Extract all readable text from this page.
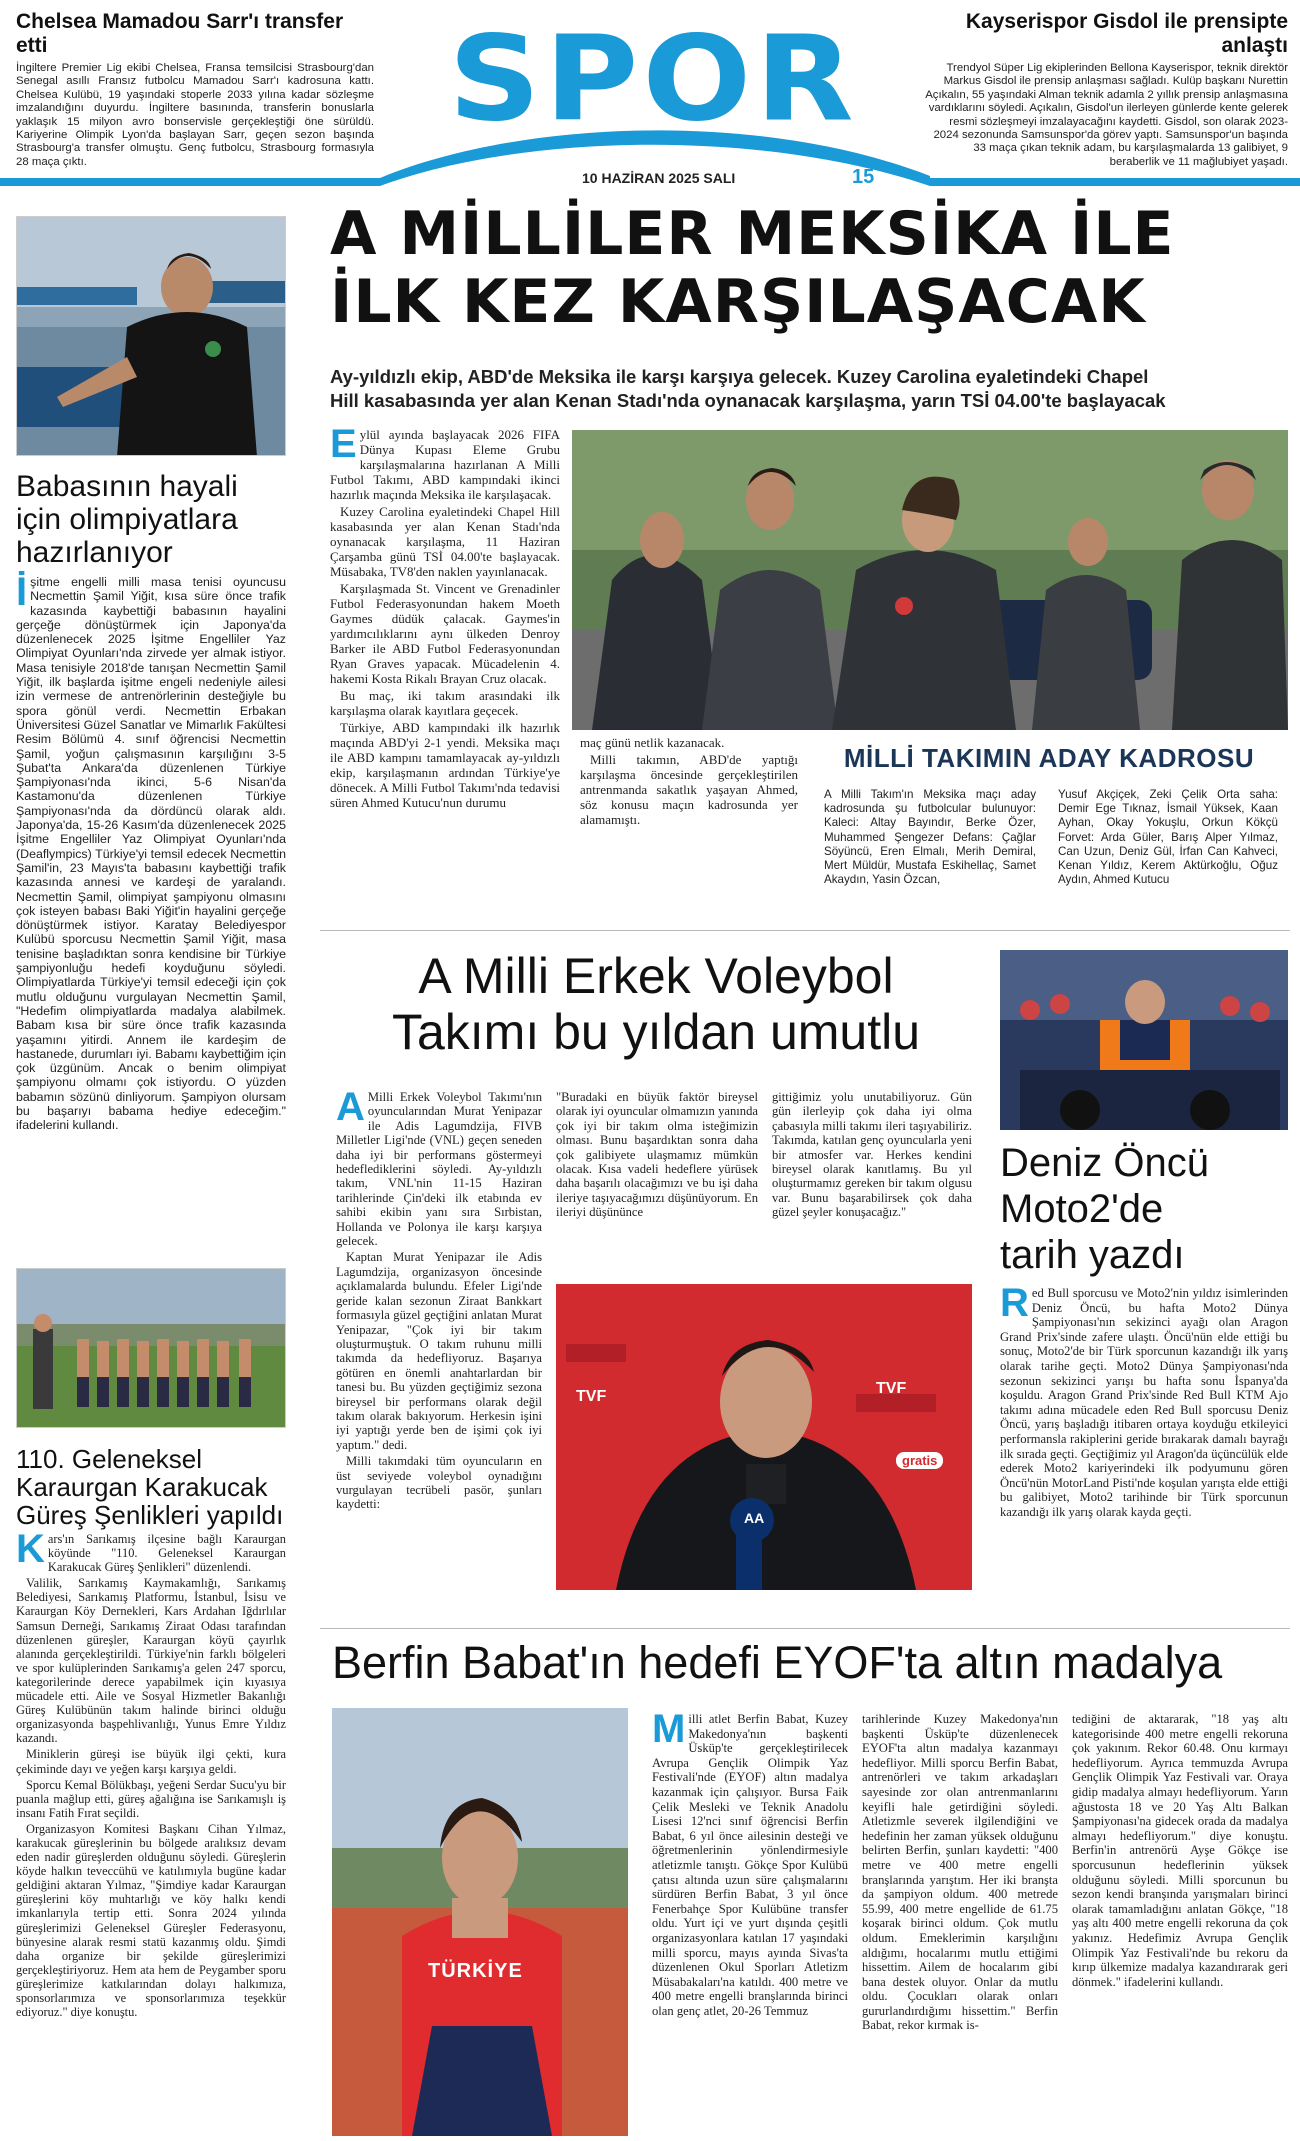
SPOR
10 HAZİRAN 2025 SALI	15
Chelsea Mamadou Sarr'ı transfer etti
İngiltere Premier Lig ekibi Chelsea, Fransa temsilcisi Strasbourg'dan Senegal asıllı Fransız futbolcu Mamadou Sarr'ı kadrosuna kattı. Chelsea Kulübü, 19 yaşındaki stoperle 2033 yılına kadar sözleşme imzalandığını duyurdu. İngiltere basınında, transferin bonuslarla yaklaşık 15 milyon avro bonservisle gerçekleştiği öne sürüldü. Kariyerine Olimpik Lyon'da başlayan Sarr, geçen sezon başında Strasbourg'a transfer olmuştu. Genç futbolcu, Strasbourg formasıyla 28 maça çıktı.
Kayserispor Gisdol ile prensipte anlaştı
Trendyol Süper Lig ekiplerinden Bellona Kayserispor, teknik direktör Markus Gisdol ile prensip anlaşması sağladı. Kulüp başkanı Nurettin Açıkalın, 55 yaşındaki Alman teknik adamla 2 yıllık prensip anlaşmasına vardıklarını söyledi. Açıkalın, Gisdol'un ilerleyen günlerde kente gelerek resmi sözleşmeyi imzalayacağını kaydetti. Gisdol, son olarak 2023-2024 sezonunda Samsunspor'da görev yaptı. Samsunspor'un başında 33 maça çıkan teknik adam, bu karşılaşmalarda 13 galibiyet, 9 beraberlik ve 11 mağlubiyet yaşadı.
Babasının hayali için olimpiyatlara hazırlanıyor
İşitme engelli milli masa tenisi oyuncusu Necmettin Şamil Yiğit, kısa süre önce trafik kazasında kaybettiği babasının hayalini gerçeğe dönüştürmek için Japonya'da düzenlenecek 2025 İşitme Engelliler Yaz Olimpiyat Oyunları'nda zirvede yer almak istiyor. Masa tenisiyle 2018'de tanışan Necmettin Şamil Yiğit, ilk başlarda işitme engeli nedeniyle ailesi izin vermese de antrenörlerinin desteğiyle bu spora gönül verdi. Necmettin Erbakan Üniversitesi Güzel Sanatlar ve Mimarlık Fakültesi Resim Bölümü 4. sınıf öğrencisi Necmettin Şamil, yoğun çalışmasının karşılığını 3-5 Şubat'ta Ankara'da düzenlenen Türkiye Şampiyonası'nda ikinci, 5-6 Nisan'da Kastamonu'da düzenlenen Türkiye Şampiyonası'nda da dördüncü olarak aldı. Japonya'da, 15-26 Kasım'da düzenlenecek 2025 İşitme Engelliler Yaz Olimpiyat Oyunları'nda (Deaflympics) Türkiye'yi temsil edecek Necmettin Şamil'in, 23 Mayıs'ta babasını kaybettiği trafik kazasında annesi ve kardeşi de yaralandı. Necmettin Şamil, olimpiyat şampiyonu olmasını çok isteyen babası Baki Yiğit'in hayalini gerçeğe dönüştürmek istiyor. Karatay Belediyespor Kulübü sporcusu Necmettin Şamil Yiğit, masa tenisine başladıktan sonra kendisine bir Türkiye şampiyonluğu hedefi koyduğunu söyledi. Olimpiyatlarda Türkiye'yi temsil edeceği için çok mutlu olduğunu vurgulayan Necmettin Şamil, "Hedefim olimpiyatlarda madalya alabilmek. Babam kısa bir süre önce trafik kazasında yaşamını yitirdi. Annem ile kardeşim de hastanede, durumları iyi. Babamı kaybettiğim için çok üzgünüm. Ancak o benim olimpiyat şampiyonu olmamı çok istiyordu. O yüzden babamın sözünü dinliyorum. Şampiyon olursam bu başarıyı babama hediye edeceğim." ifadelerini kullandı.
110. Geleneksel Karaurgan Karakucak Güreş Şenlikleri yapıldı

Kars'ın Sarıkamış ilçesine bağlı Karaurgan köyünde "110. Geleneksel Karaurgan Karakucak Güreş Şenlikleri" düzenlendi.

Valilik, Sarıkamış Kaymakamlığı, Sarıkamış Belediyesi, Sarıkamış Platformu, İstanbul, İsisu ve Karaurgan Köy Dernekleri, Kars Ardahan Iğdırlılar Samsun Derneği, Sarıkamış Ziraat Odası tarafından düzenlenen güreşler, Karaurgan köyü çayırlık alanında gerçekleştirildi. Türkiye'nin farklı bölgeleri ve spor kulüplerinden Sarıkamış'a gelen 247 sporcu, kategorilerinde derece yapabilmek için kıyasıya mücadele etti. Aile ve Sosyal Hizmetler Bakanlığı Güreş Kulübünün takım halinde birinci olduğu organizasyonda başpehlivanlığı, Yunus Emre Yıldız kazandı.

Miniklerin güreşi ise büyük ilgi çekti, kura çekiminde dayı ve yeğen karşı karşıya geldi.

Sporcu Kemal Bölükbaşı, yeğeni Serdar Sucu'yu bir puanla mağlup etti, güreş ağalığına ise Sarıkamışlı iş insanı Fatih Fırat seçildi.

Organizasyon Komitesi Başkanı Cihan Yılmaz, karakucak güreşlerinin bu bölgede aralıksız devam eden nadir güreşlerden olduğunu söyledi. Güreşlerin köyde halkın teveccühü ve katılımıyla bugüne kadar geldiğini aktaran Yılmaz, "Şimdiye kadar Karaurgan güreşlerini köy muhtarlığı ve köy halkı kendi imkanlarıyla tertip etti. Sonra 2024 yılında güreşlerimizi Geleneksel Güreşler Federasyonu, bünyesine alarak resmi statü kazanmış oldu. Şimdi daha organize bir şekilde güreşlerimizi gerçekleştiriyoruz. Hem ata hem de Peygamber sporu güreşlerimize katkılarından dolayı halkımıza, sponsorlarımıza ve sponsorlarımıza teşekkür ediyoruz." diye konuştu.

A MİLLİLER MEKSİKA İLE
İLK KEZ KARŞILAŞACAK
Ay-yıldızlı ekip, ABD'de Meksika ile karşı karşıya gelecek. Kuzey Carolina eyaletindeki Chapel
Hill kasabasında yer alan Kenan Stadı'nda oynanacak karşılaşma, yarın TSİ 04.00'te başlayacak

Eylül ayında başlayacak 2026 FIFA Dünya Kupası Eleme Grubu karşılaşmalarına hazırlanan A Milli Futbol Takımı, ABD kampındaki ikinci hazırlık maçında Meksika ile karşılaşacak.

Kuzey Carolina eyaletindeki Chapel Hill kasabasında yer alan Kenan Stadı'nda oynanacak karşılaşma, 11 Haziran Çarşamba günü TSİ 04.00'te başlayacak. Müsabaka, TV8'den naklen yayınlanacak.

Karşılaşmada St. Vincent ve Grenadinler Futbol Federasyonundan hakem Moeth Gaymes düdük çalacak. Gaymes'in yardımcılıklarını aynı ülkeden Denroy Barker ile ABD Futbol Federasyonundan Ryan Graves yapacak. Mücadelenin 4. hakemi Kosta Rikalı Brayan Cruz olacak.

Bu maç, iki takım arasındaki ilk karşılaşma olarak kayıtlara geçecek.

Türkiye, ABD kampındaki ilk hazırlık maçında ABD'yi 2-1 yendi. Meksika maçı ile ABD kampını tamamlayacak ay-yıldızlı ekip, karşılaşmanın ardından Türkiye'ye dönecek. A Milli Futbol Takımı'nda tedavisi süren Ahmed Kutucu'nun durumu

maç günü netlik kazanacak.

Milli takımın, ABD'de yaptığı karşılaşma öncesinde gerçekleştirilen antrenmanda sakatlık yaşayan Ahmed, söz konusu maçın kadrosunda yer alamamıştı.

MİLLİ TAKIMIN ADAY KADROSU
A Milli Takım'ın Meksika maçı aday kadrosunda şu futbolcular bulunuyor: Kaleci: Altay Bayındır, Berke Özer, Muhammed Şengezer Defans: Çağlar Söyüncü, Eren Elmalı, Merih Demiral, Mert Müldür, Mustafa Eskihellaç, Samet Akaydın, Yasin Özcan,
Yusuf Akçiçek, Zeki Çelik Orta saha: Demir Ege Tıknaz, İsmail Yüksek, Kaan Ayhan, Okay Yokuşlu, Orkun Kökçü Forvet: Arda Güler, Barış Alper Yılmaz, Can Uzun, Deniz Gül, İrfan Can Kahveci, Kenan Yıldız, Kerem Aktürkoğlu, Oğuz Aydın, Ahmed Kutucu
A Milli Erkek Voleybol
Takımı bu yıldan umutlu

A Milli Erkek Voleybol Takımı'nın oyuncularından Murat Yenipazar ile Adis Lagumdzija, FIVB Milletler Ligi'nde (VNL) geçen seneden daha iyi bir performans göstermeyi hedeflediklerini söyledi. Ay-yıldızlı takım, VNL'nin 11-15 Haziran tarihlerinde Çin'deki ilk etabında ev sahibi ekibin yanı sıra Sırbistan, Hollanda ve Polonya ile karşı karşıya gelecek.

Kaptan Murat Yenipazar ile Adis Lagumdzija, organizasyon öncesinde açıklamalarda bulundu. Efeler Ligi'nde geride kalan sezonun Ziraat Bankkart formasıyla güzel geçtiğini anlatan Murat Yenipazar, "Çok iyi bir takım oluşturmuştuk. O takım ruhunu milli takımda da hedefliyoruz. Başarıya götüren en önemli anahtarlardan bir tanesi bu. Bu yüzden geçtiğimiz sezona bireysel bir performans olarak değil takım olarak bakıyorum. Herkesin işini iyi yaptığı yerde ben de işimi çok iyi yaptım." dedi.

Milli takımdaki tüm oyuncuların en üst seviyede voleybol oynadığını vurgulayan tecrübeli pasör, şunları kaydetti:

"Buradaki en büyük faktör bireysel olarak iyi oyuncular olmamızın yanında çok iyi bir takım olma isteğimizin olması. Bunu başardıktan sonra daha çok galibiyete ulaşmamız mümkün olacak. Kısa vadeli hedeflere yürüsek daha başarılı olacağımızı ve bu işi daha ileriye taşıyacağımızı düşünüyorum. En ileriyi düşününce
gittiğimiz yolu unutabiliyoruz. Gün gün ilerleyip çok daha iyi olma çabasıyla milli takımı ileri taşıyabiliriz. Takımda, katılan genç oyuncularla yeni bir atmosfer var. Herkes kendini bireysel olarak kanıtlamış. Bu yıl oluşturmamız gereken bir takım olgusu var. Bunu başarabilirsek çok daha güzel şeyler konuşacağız."
TVF	TVF
gratis
AA
Deniz Öncü
Moto2'de
tarih yazdı
Red Bull sporcusu ve Moto2'nin yıldız isimlerinden Deniz Öncü, bu hafta Moto2 Dünya Şampiyonası'nın sekizinci ayağı olan Aragon Grand Prix'sinde zafere ulaştı. Öncü'nün elde ettiği bu sonuç, Moto2'de bir Türk sporcunun kazandığı ilk yarış olarak tarihe geçti. Moto2 Dünya Şampiyonası'nda sezonun sekizinci yarışı bu hafta sonu İspanya'da koşuldu. Aragon Grand Prix'sinde Red Bull KTM Ajo takımı adına mücadele eden Red Bull sporcusu Deniz Öncü, yarış başladığı itibaren ortaya koyduğu etkileyici performansla rakiplerini geride bırakarak damalı bayrağı ilk sırada geçti. Geçtiğimiz yıl Aragon'da üçüncülük elde ederek Moto2 kariyerindeki ilk podyumunu gören Öncü'nün MotorLand Pisti'nde koşulan yarışta elde ettiği bu galibiyet, Moto2 tarihinde bir Türk sporcunun kazandığı ilk yarış olarak kayda geçti.
Berfin Babat'ın hedefi EYOF'ta altın madalya
TÜRKİYE
Milli atlet Berfin Babat, Kuzey Makedonya'nın başkenti Üsküp'te gerçekleştirilecek Avrupa Gençlik Olimpik Yaz Festivali'nde (EYOF) altın madalya kazanmak için çalışıyor. Bursa Faik Çelik Mesleki ve Teknik Anadolu Lisesi 12'nci sınıf öğrencisi Berfin Babat, 6 yıl önce ailesinin desteği ve öğretmenlerinin yönlendirmesiyle atletizmle tanıştı. Gökçe Spor Kulübü çatısı altında uzun süre çalışmalarını sürdüren Berfin Babat, 3 yıl önce Fenerbahçe Spor Kulübüne transfer oldu. Yurt içi ve yurt dışında çeşitli organizasyonlara katılan 17 yaşındaki milli sporcu, mayıs ayında Sivas'ta düzenlenen Okul Sporları Atletizm Müsabakaları'na katıldı. 400 metre ve 400 metre engelli branşlarında birinci olan genç atlet, 20-26 Temmuz
tarihlerinde Kuzey Makedonya'nın başkenti Üsküp'te düzenlenecek EYOF'ta altın madalya kazanmayı hedefliyor. Milli sporcu Berfin Babat, antrenörleri ve takım arkadaşları sayesinde zor olan antrenmanlarını keyifli hale getirdiğini söyledi. Atletizmle severek ilgilendiğini ve hedefinin her zaman yüksek olduğunu belirten Berfin, şunları kaydetti: "400 metre ve 400 metre engelli branşlarında yarıştım. Her iki branşta da şampiyon oldum. 400 metrede 55.99, 400 metre engellide de 61.75 koşarak birinci oldum. Çok mutlu oldum. Emeklerimin karşılığını aldığımı, hocalarımı mutlu ettiğimi hissettim. Ailem de hocalarım gibi bana destek oluyor. Onlar da mutlu oldu. Çocukları olarak onları gururlandırdığımı hissettim." Berfin Babat, rekor kırmak is-
tediğini de aktararak, "18 yaş altı kategorisinde 400 metre engelli rekoruna çok yakınım. Rekor 60.48. Onu kırmayı hedefliyorum. Ayrıca temmuzda Avrupa Gençlik Olimpik Yaz Festivali var. Oraya gidip madalya almayı hedefliyorum. Yarın ağustosta 18 ve 20 Yaş Altı Balkan Şampiyonası'na gidecek orada da madalya almayı hedefliyorum." diye konuştu. Berfin'in antrenörü Ayşe Gökçe ise sporcusunun hedeflerinin yüksek olduğunu söyledi. Milli sporcunun bu sezon kendi branşında yarışmaları birinci olarak tamamladığını anlatan Gökçe, "18 yaş altı 400 metre engelli rekoruna da çok yakınız. Hedefimiz Avrupa Gençlik Olimpik Yaz Festivali'nde bu rekoru da kırıp ülkemize madalya kazandırarak geri dönmek." ifadelerini kullandı.
